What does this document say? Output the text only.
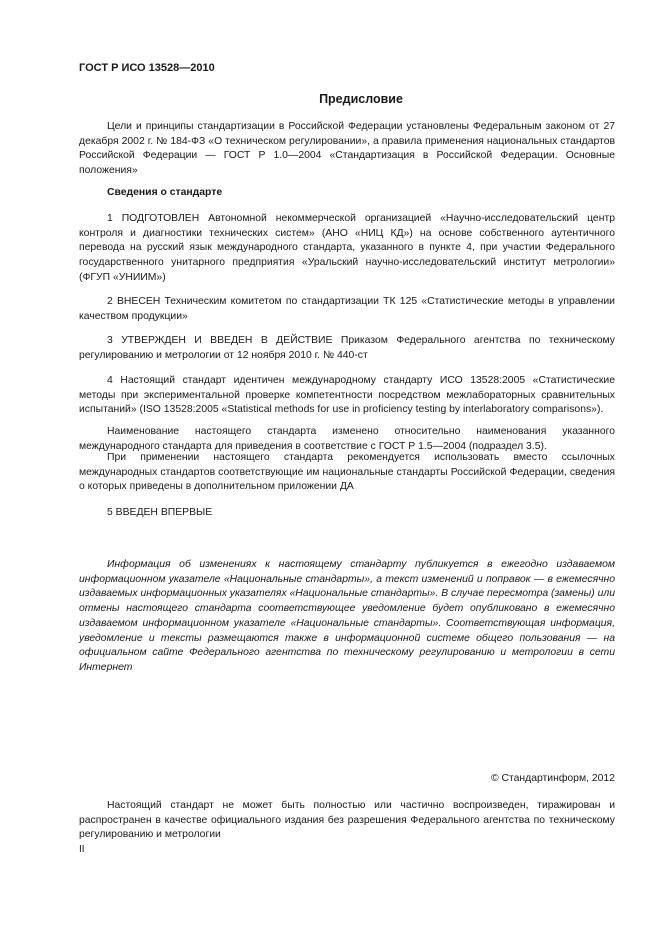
ГОСТ Р ИСО 13528—2010
Предисловие

Цели и принципы стандартизации в Российской Федерации установлены Федеральным законом от 27 декабря 2002 г. № 184-ФЗ «О техническом регулировании», а правила применения национальных стандартов Российской Федерации — ГОСТ Р 1.0—2004 «Стандартизация в Российской Федерации. Основные положения»

Сведения о стандарте

1 ПОДГОТОВЛЕН Автономной некоммерческой организацией «Научно-исследовательский центр контроля и диагностики технических систем» (АНО «НИЦ КД») на основе собственного аутентичного перевода на русский язык международного стандарта, указанного в пункте 4, при участии Федерального государственного унитарного предприятия «Уральский научно-исследовательский институт метрологии» (ФГУП «УНИИМ»)

2 ВНЕСЕН Техническим комитетом по стандартизации ТК 125 «Статистические методы в управлении качеством продукции»

3 УТВЕРЖДЕН И ВВЕДЕН В ДЕЙСТВИЕ Приказом Федерального агентства по техническому регулированию и метрологии от 12 ноября 2010 г. № 440-ст

4 Настоящий стандарт идентичен международному стандарту ИСО 13528:2005 «Статистические методы при экспериментальной проверке компетентности посредством межлабораторных сравнительных испытаний» (ISO 13528:2005 «Statistical methods for use in proficiency testing by interlaboratory comparisons»).

Наименование настоящего стандарта изменено относительно наименования указанного международного стандарта для приведения в соответствие с ГОСТ Р 1.5—2004 (подраздел 3.5).

При применении настоящего стандарта рекомендуется использовать вместо ссылочных международных стандартов соответствующие им национальные стандарты Российской Федерации, сведения о которых приведены в дополнительном приложении ДА

5 ВВЕДЕН ВПЕРВЫЕ

Информация об изменениях к настоящему стандарту публикуется в ежегодно издаваемом информационном указателе «Национальные стандарты», а текст изменений и поправок — в ежемесячно издаваемых информационных указателях «Национальные стандарты». В случае пересмотра (замены) или отмены настоящего стандарта соответствующее уведомление будет опубликовано в ежемесячно издаваемом информационном указателе «Национальные стандарты». Соответствующая информация, уведомление и тексты размещаются также в информационной системе общего пользования — на официальном сайте Федерального агентства по техническому регулированию и метрологии в сети Интернет

© Стандартинформ, 2012

Настоящий стандарт не может быть полностью или частично воспроизведен, тиражирован и распространен в качестве официального издания без разрешения Федерального агентства по техническому регулированию и метрологии

II
